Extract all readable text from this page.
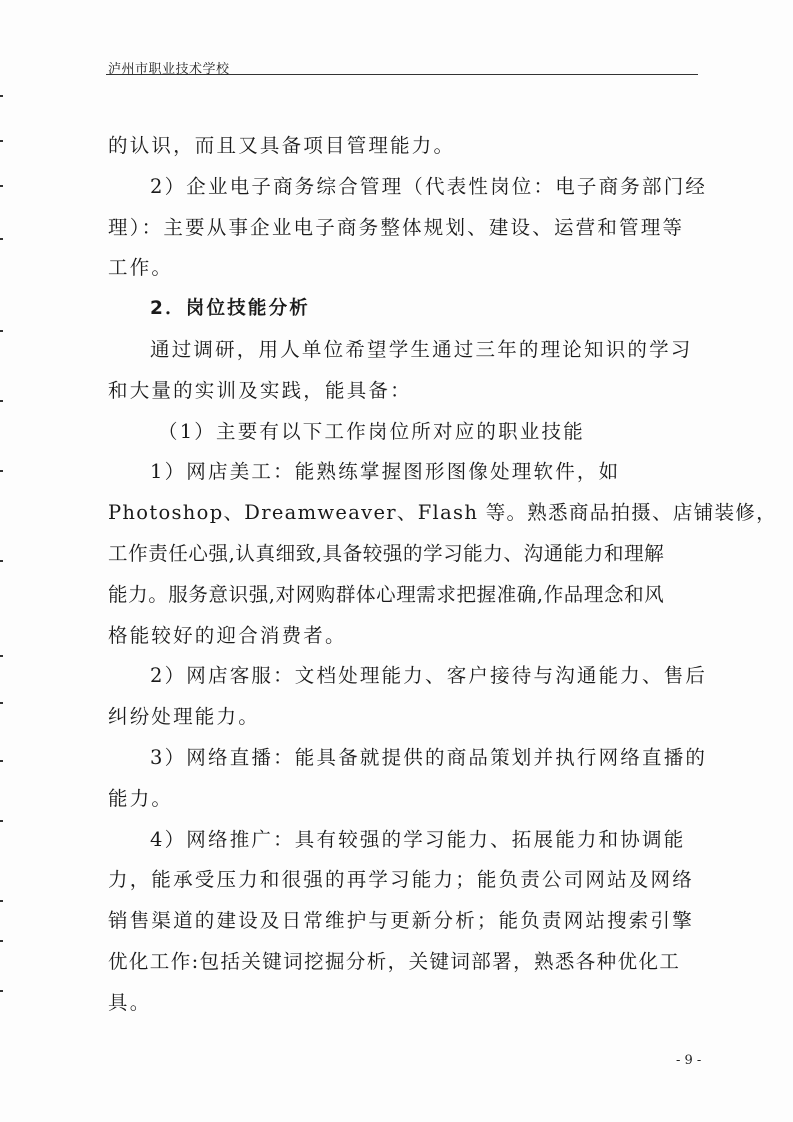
泸州市职业技术学校
的认识，而且又具备项目管理能力。
2）企业电子商务综合管理（代表性岗位：电子商务部门经
理）：主要从事企业电子商务整体规划、建设、运营和管理等
工作。
2．岗位技能分析
通过调研，用人单位希望学生通过三年的理论知识的学习
和大量的实训及实践，能具备：
（1）主要有以下工作岗位所对应的职业技能
1）网店美工：能熟练掌握图形图像处理软件，如
Photoshop、Dreamweaver、Flash 等。熟悉商品拍摄、店铺装修，
工作责任心强,认真细致,具备较强的学习能力、沟通能力和理解
能力。服务意识强,对网购群体心理需求把握准确,作品理念和风
格能较好的迎合消费者。
2）网店客服：文档处理能力、客户接待与沟通能力、售后
纠纷处理能力。
3）网络直播：能具备就提供的商品策划并执行网络直播的
能力。
4）网络推广：具有较强的学习能力、拓展能力和协调能
力，能承受压力和很强的再学习能力；能负责公司网站及网络
销售渠道的建设及日常维护与更新分析；能负责网站搜索引擎
优化工作:包括关键词挖掘分析，关键词部署，熟悉各种优化工
具。
- 9 -
